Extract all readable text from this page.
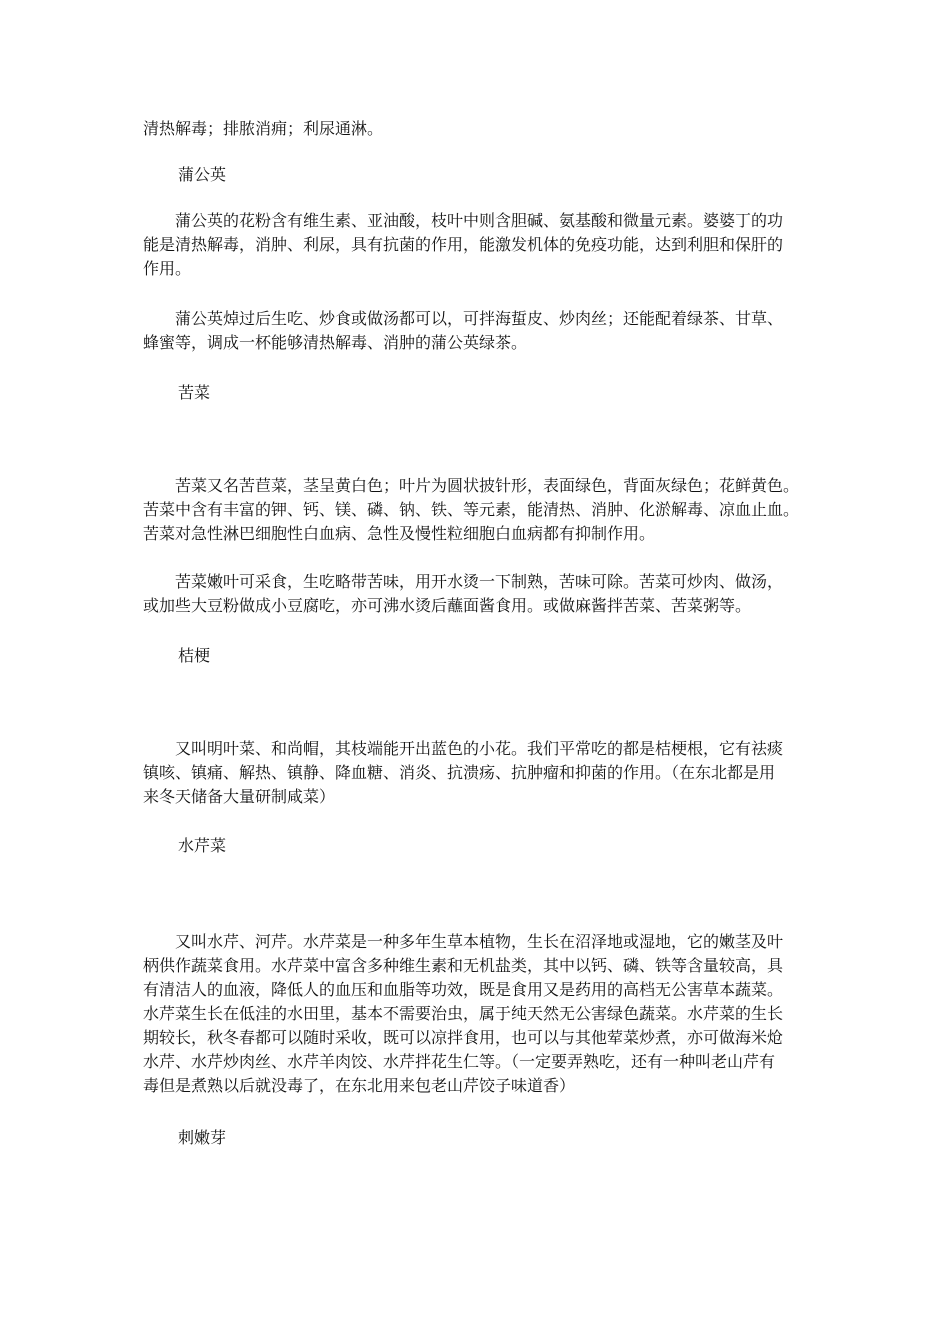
清热解毒；排脓消痈；利尿通淋。

蒲公英

　　蒲公英的花粉含有维生素、亚油酸，枝叶中则含胆碱、氨基酸和微量元素。婆婆丁的功
能是清热解毒，消肿、利尿，具有抗菌的作用，能激发机体的免疫功能，达到利胆和保肝的
作用。

　　蒲公英焯过后生吃、炒食或做汤都可以，可拌海蜇皮、炒肉丝；还能配着绿茶、甘草、
蜂蜜等，调成一杯能够清热解毒、消肿的蒲公英绿茶。

苦菜

　　苦菜又名苦苣菜，茎呈黄白色；叶片为圆状披针形，表面绿色，背面灰绿色；花鲜黄色。
苦菜中含有丰富的钾、钙、镁、磷、钠、铁、等元素，能清热、消肿、化淤解毒、凉血止血。
苦菜对急性淋巴细胞性白血病、急性及慢性粒细胞白血病都有抑制作用。

　　苦菜嫩叶可采食，生吃略带苦味，用开水烫一下制熟，苦味可除。苦菜可炒肉、做汤，
或加些大豆粉做成小豆腐吃，亦可沸水烫后蘸面酱食用。或做麻酱拌苦菜、苦菜粥等。

桔梗

　　又叫明叶菜、和尚帽，其枝端能开出蓝色的小花。我们平常吃的都是桔梗根，它有祛痰
镇咳、镇痛、解热、镇静、降血糖、消炎、抗溃疡、抗肿瘤和抑菌的作用。（在东北都是用
来冬天储备大量研制咸菜）

水芹菜

　　又叫水芹、河芹。水芹菜是一种多年生草本植物，生长在沼泽地或湿地，它的嫩茎及叶
柄供作蔬菜食用。水芹菜中富含多种维生素和无机盐类，其中以钙、磷、铁等含量较高，具
有清洁人的血液，降低人的血压和血脂等功效，既是食用又是药用的高档无公害草本蔬菜。
水芹菜生长在低洼的水田里，基本不需要治虫，属于纯天然无公害绿色蔬菜。水芹菜的生长
期较长，秋冬春都可以随时采收，既可以凉拌食用，也可以与其他荤菜炒煮，亦可做海米炝
水芹、水芹炒肉丝、水芹羊肉饺、水芹拌花生仁等。（一定要弄熟吃，还有一种叫老山芹有
毒但是煮熟以后就没毒了，在东北用来包老山芹饺子味道香）

刺嫩芽
